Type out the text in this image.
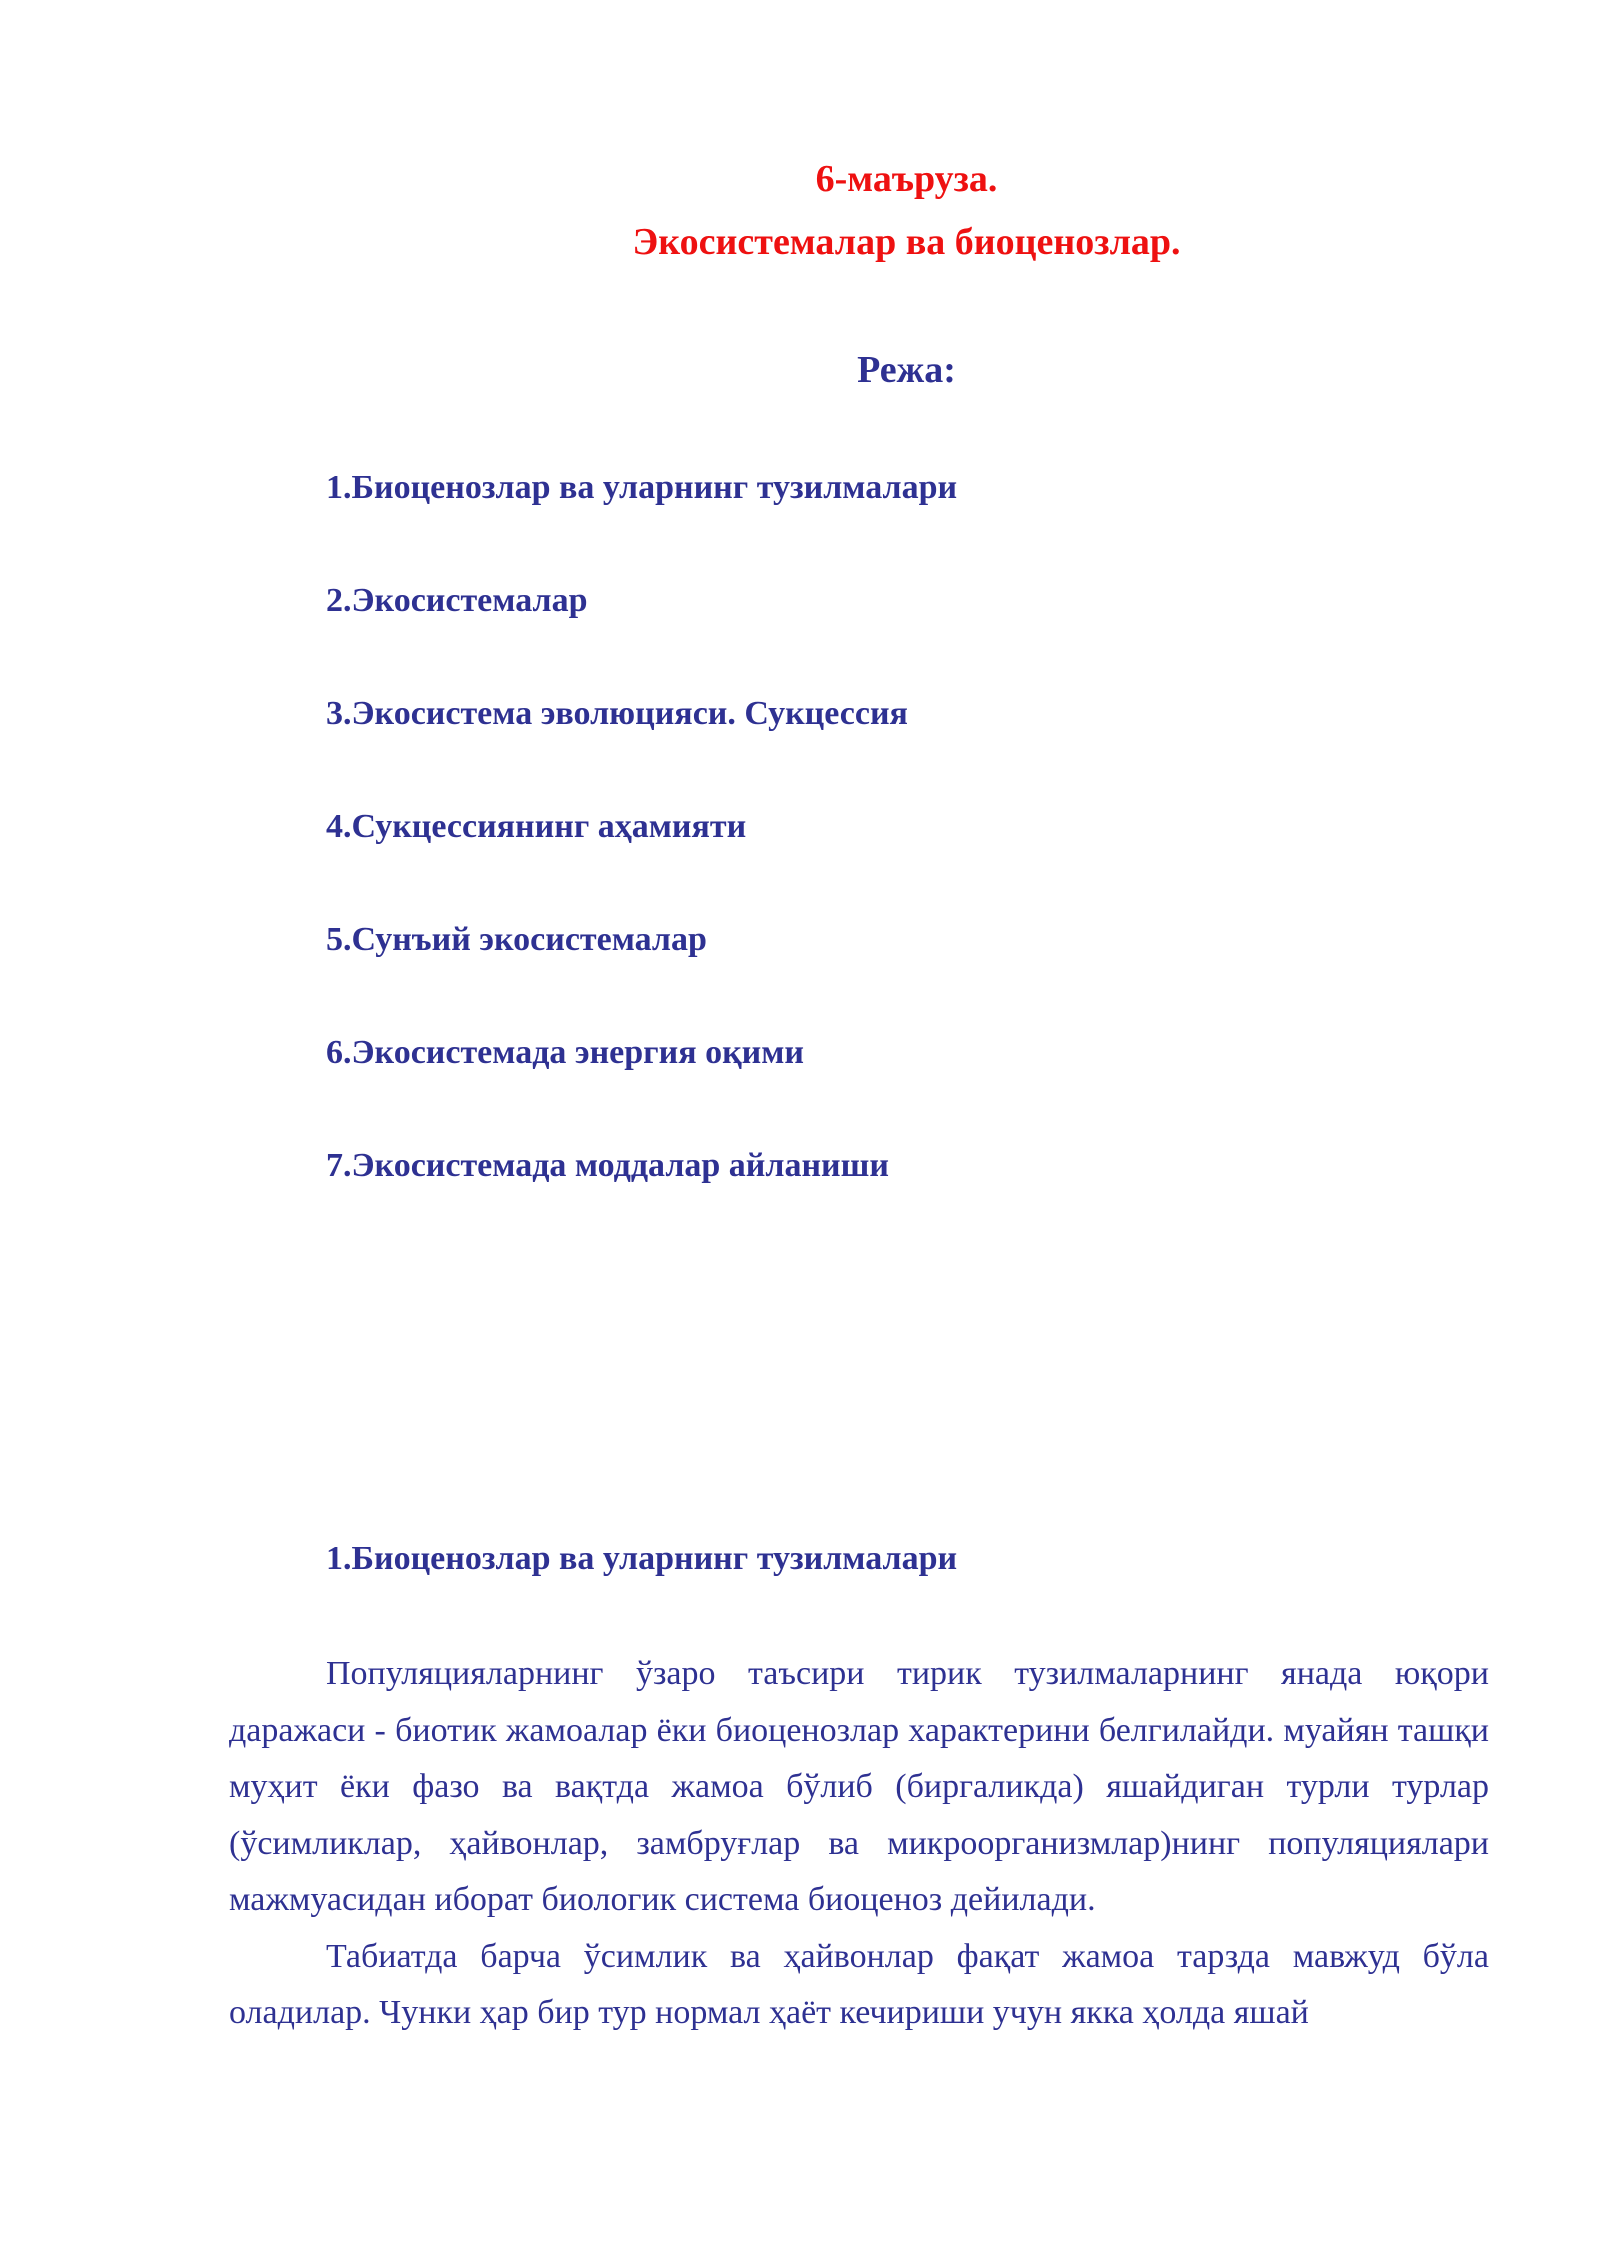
6-маъруза.
Экосистемалар ва биоценозлар.
Режа:
1.Биоценозлар ва уларнинг тузилмалари
2.Экосистемалар
3.Экосистема эволюцияси. Сукцессия
4.Сукцессиянинг аҳамияти
5.Сунъий экосистемалар
6.Экосистемада энергия оқими
7.Экосистемада моддалар айланиши
1.Биоценозлар ва уларнинг тузилмалари

Популяцияларнинг ўзаро таъсири тирик тузилмаларнинг янада юқори даражаси - биотик жамоалар ёки биоценозлар характерини белгилайди. муайян ташқи муҳит ёки фазо ва вақтда жамоа бўлиб (биргаликда) яшайдиган турли турлар (ўсимликлар, ҳайвонлар, замбруғлар ва микроорганизмлар)нинг популяциялари мажмуасидан иборат биологик система биоценоз дейилади.

Табиатда барча ўсимлик ва ҳайвонлар фақат жамоа тарзда мавжуд бўла оладилар. Чунки ҳар бир тур нормал ҳаёт кечириши учун якка ҳолда яшай
